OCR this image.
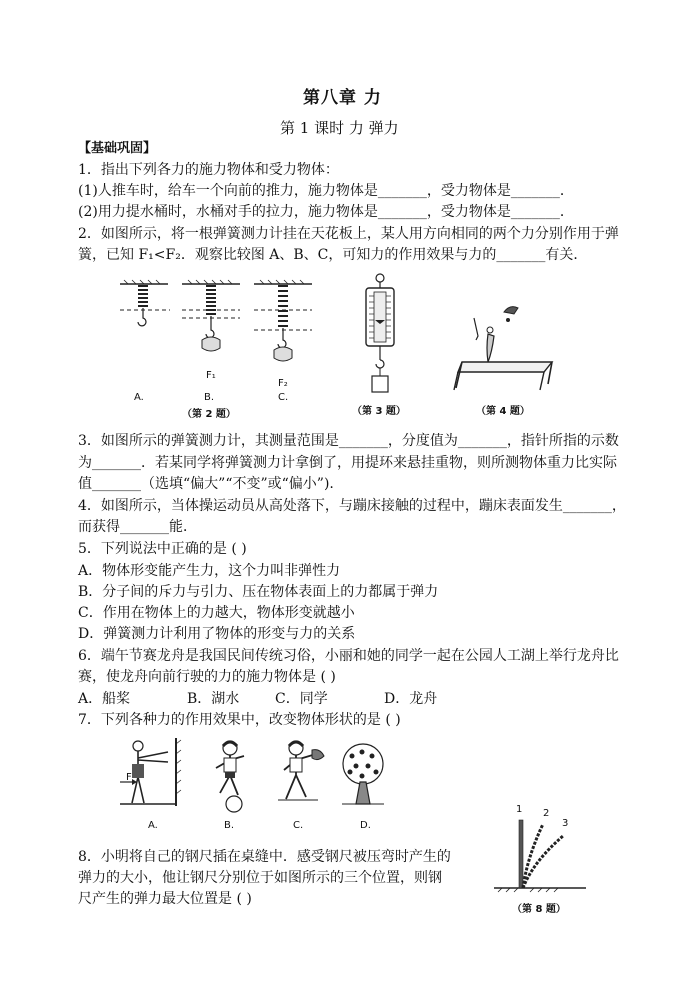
第八章 力
第 1 课时 力 弹力
【基础巩固】
1．指出下列各力的施力物体和受力物体：
(1)人推车时，给车一个向前的推力，施力物体是_______，受力物体是_______．
(2)用力提水桶时，水桶对手的拉力，施力物体是_______，受力物体是_______．
2．如图所示，将一根弹簧测力计挂在天花板上，某人用方向相同的两个力分别作用于弹
簧，已知 F₁<F₂．观察比较图 A、B、C，可知力的作用效果与力的_______有关．
F₁
F₂
A.	B.	C.
（第 2 题）	（第 3 题）	（第 4 题）
3．如图所示的弹簧测力计，其测量范围是_______，分度值为_______，指针所指的示数
为_______．若某同学将弹簧测力计拿倒了，用提环来悬挂重物，则所测物体重力比实际
值_______（选填“偏大”“不变”或“偏小”).
4．如图所示，当体操运动员从高处落下，与蹦床接触的过程中，蹦床表面发生_______，
而获得_______能．
5．下列说法中正确的是 ( )
A．物体形变能产生力，这个力叫非弹性力
B．分子间的斥力与引力、压在物体表面上的力都属于弹力
C．作用在物体上的力越大，物体形变就越小
D．弹簧测力计利用了物体的形变与力的关系
6．端午节赛龙舟是我国民间传统习俗，小丽和她的同学一起在公园人工湖上举行龙舟比
赛，使龙舟向前行驶的力的施力物体是 ( )
A．船桨	B．湖水	C．同学	D．龙舟
7．下列各种力的作用效果中，改变物体形状的是 ( )
F
A.	B.	C.	D.
8．小明将自己的钢尺插在桌缝中．感受钢尺被压弯时产生的
弹力的大小，他让钢尺分别位于如图所示的三个位置，则钢
尺产生的弹力最大位置是 ( )
1 2
3
（第 8 题）
